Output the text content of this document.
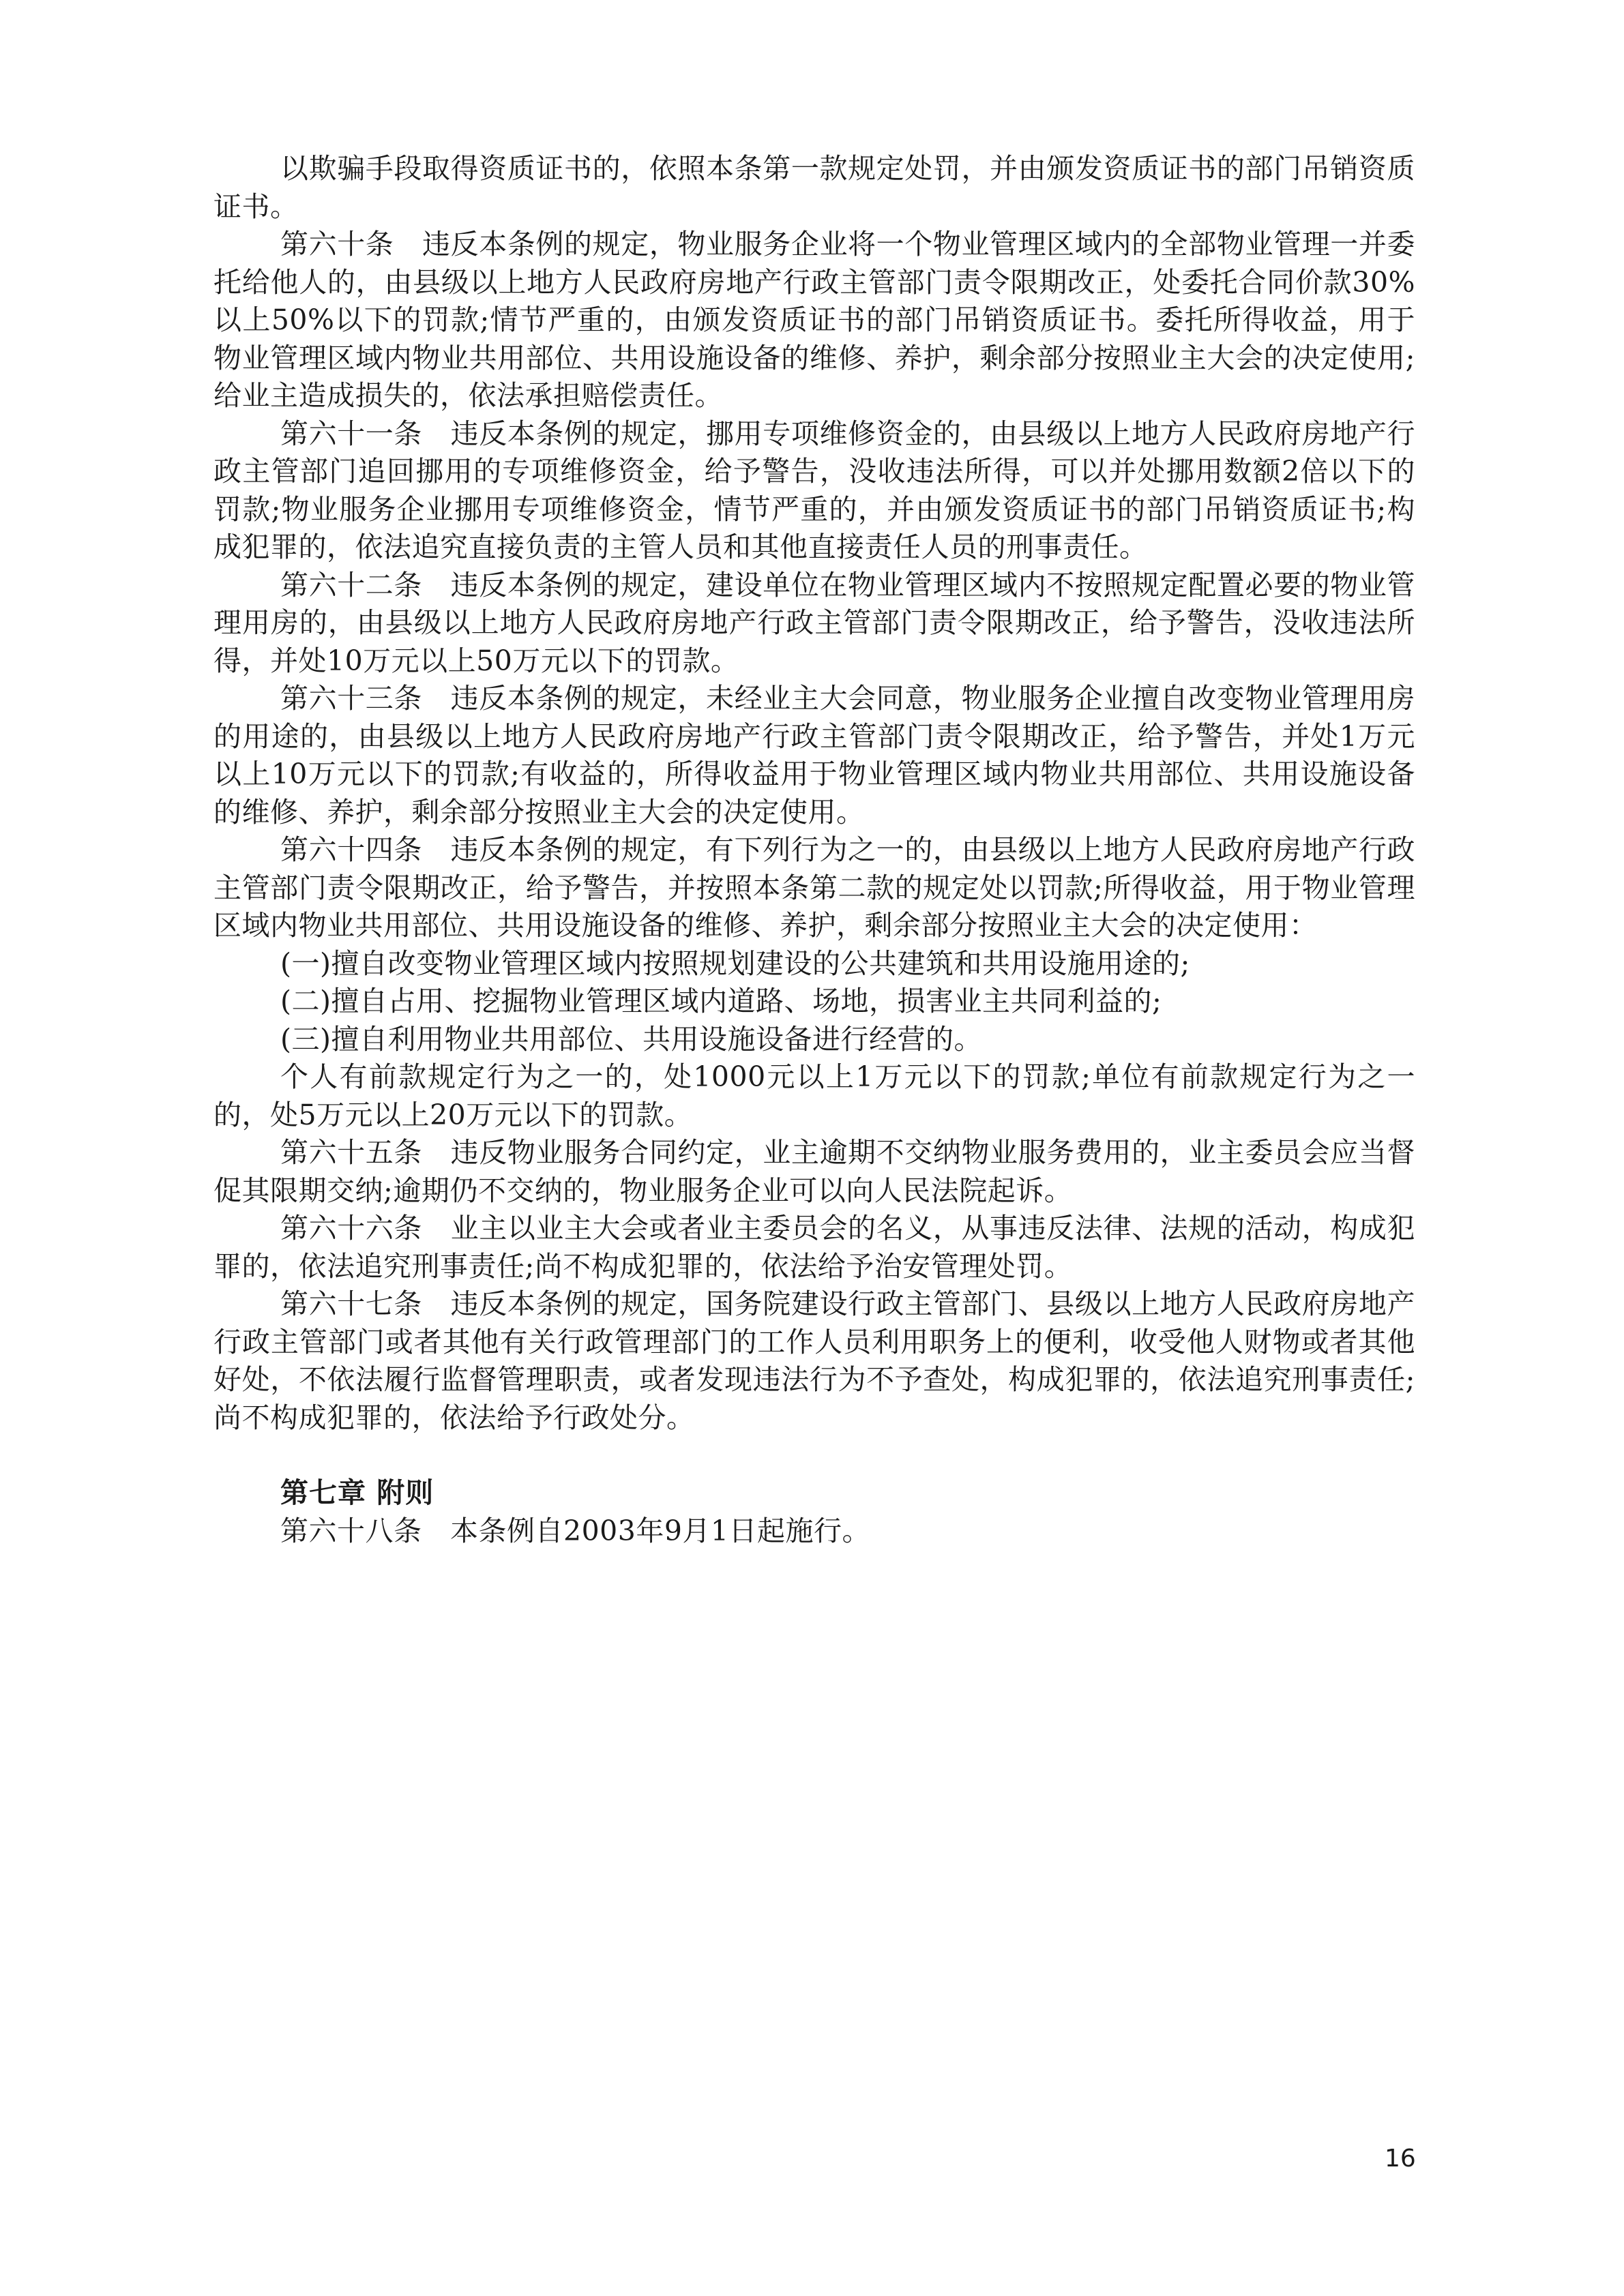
以欺骗手段取得资质证书的，依照本条第一款规定处罚，并由颁发资质证书的部门吊销资质证书。

第六十条　违反本条例的规定，物业服务企业将一个物业管理区域内的全部物业管理一并委托给他人的，由县级以上地方人民政府房地产行政主管部门责令限期改正，处委托合同价款30%以上50%以下的罚款;情节严重的，由颁发资质证书的部门吊销资质证书。委托所得收益，用于物业管理区域内物业共用部位、共用设施设备的维修、养护，剩余部分按照业主大会的决定使用;给业主造成损失的，依法承担赔偿责任。

第六十一条　违反本条例的规定，挪用专项维修资金的，由县级以上地方人民政府房地产行政主管部门追回挪用的专项维修资金，给予警告，没收违法所得，可以并处挪用数额2倍以下的罚款;物业服务企业挪用专项维修资金，情节严重的，并由颁发资质证书的部门吊销资质证书;构成犯罪的，依法追究直接负责的主管人员和其他直接责任人员的刑事责任。

第六十二条　违反本条例的规定，建设单位在物业管理区域内不按照规定配置必要的物业管理用房的，由县级以上地方人民政府房地产行政主管部门责令限期改正，给予警告，没收违法所得，并处10万元以上50万元以下的罚款。

第六十三条　违反本条例的规定，未经业主大会同意，物业服务企业擅自改变物业管理用房的用途的，由县级以上地方人民政府房地产行政主管部门责令限期改正，给予警告，并处1万元以上10万元以下的罚款;有收益的，所得收益用于物业管理区域内物业共用部位、共用设施设备的维修、养护，剩余部分按照业主大会的决定使用。

第六十四条　违反本条例的规定，有下列行为之一的，由县级以上地方人民政府房地产行政主管部门责令限期改正，给予警告，并按照本条第二款的规定处以罚款;所得收益，用于物业管理区域内物业共用部位、共用设施设备的维修、养护，剩余部分按照业主大会的决定使用：

(一)擅自改变物业管理区域内按照规划建设的公共建筑和共用设施用途的;

(二)擅自占用、挖掘物业管理区域内道路、场地，损害业主共同利益的;

(三)擅自利用物业共用部位、共用设施设备进行经营的。

个人有前款规定行为之一的，处1000元以上1万元以下的罚款;单位有前款规定行为之一的，处5万元以上20万元以下的罚款。

第六十五条　违反物业服务合同约定，业主逾期不交纳物业服务费用的，业主委员会应当督促其限期交纳;逾期仍不交纳的，物业服务企业可以向人民法院起诉。

第六十六条　业主以业主大会或者业主委员会的名义，从事违反法律、法规的活动，构成犯罪的，依法追究刑事责任;尚不构成犯罪的，依法给予治安管理处罚。

第六十七条　违反本条例的规定，国务院建设行政主管部门、县级以上地方人民政府房地产行政主管部门或者其他有关行政管理部门的工作人员利用职务上的便利，收受他人财物或者其他好处，不依法履行监督管理职责，或者发现违法行为不予查处，构成犯罪的，依法追究刑事责任;尚不构成犯罪的，依法给予行政处分。

第七章 附则

第六十八条　本条例自2003年9月1日起施行。

16
